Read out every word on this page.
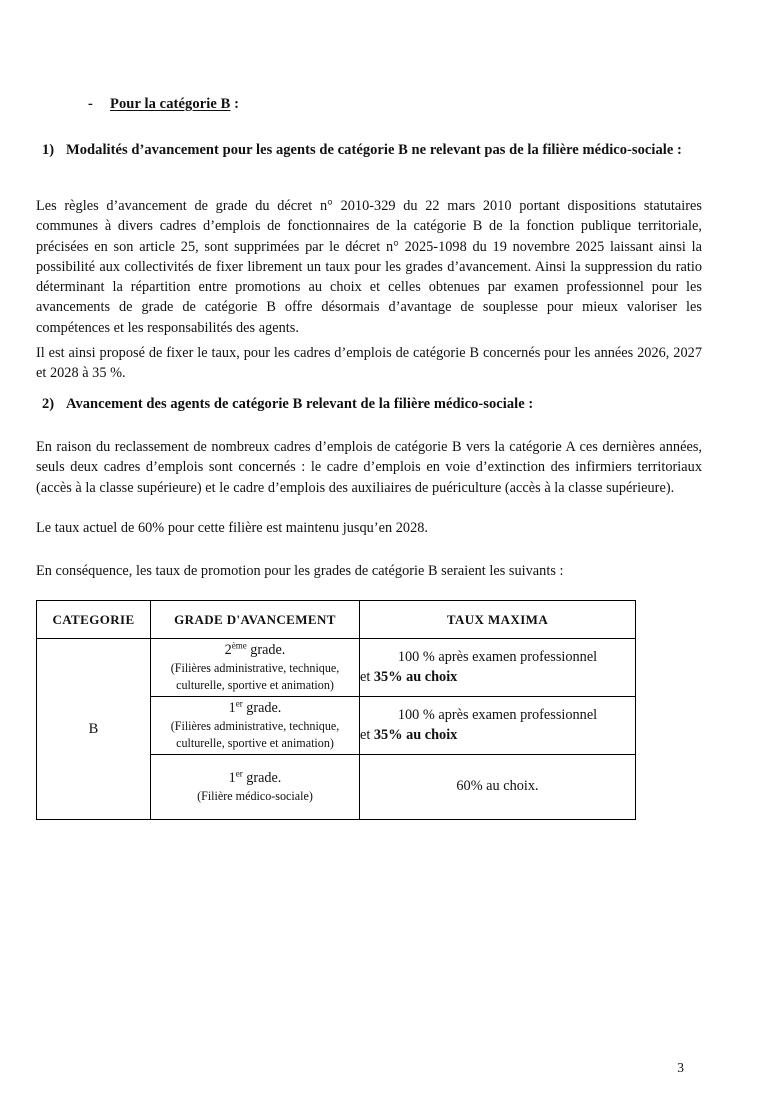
- Pour la catégorie B :
1) Modalités d’avancement pour les agents de catégorie B ne relevant pas de la filière médico-sociale :
Les règles d’avancement de grade du décret n° 2010-329 du 22 mars 2010 portant dispositions statutaires communes à divers cadres d’emplois de fonctionnaires de la catégorie B de la fonction publique territoriale, précisées en son article 25, sont supprimées par le décret n° 2025-1098 du 19 novembre 2025 laissant ainsi la possibilité aux collectivités de fixer librement un taux pour les grades d’avancement. Ainsi la suppression du ratio déterminant la répartition entre promotions au choix et celles obtenues par examen professionnel pour les avancements de grade de catégorie B offre désormais d’avantage de souplesse pour mieux valoriser les compétences et les responsabilités des agents.
Il est ainsi proposé de fixer le taux, pour les cadres d’emplois de catégorie B concernés pour les années 2026, 2027 et 2028 à 35 %.
2) Avancement des agents de catégorie B relevant de la filière médico-sociale :
En raison du reclassement de nombreux cadres d’emplois de catégorie B vers la catégorie A ces dernières années, seuls deux cadres d’emplois sont concernés : le cadre d’emplois en voie d’extinction des infirmiers territoriaux (accès à la classe supérieure) et le cadre d’emplois des auxiliaires de puériculture (accès à la classe supérieure).
Le taux actuel de 60% pour cette filière est maintenu jusqu’en 2028.
En conséquence, les taux de promotion pour les grades de catégorie B seraient les suivants :
CATEGORIE	GRADE D'AVANCEMENT	TAUX MAXIMA
B	2ème grade.
(Filières administrative, technique,
culturelle, sportive et animation)	100 % après examen professionnel
et 35% au choix

	1er grade.
(Filières administrative, technique,
culturelle, sportive et animation)	100 % après examen professionnel
et 35% au choix

	1er grade.
(Filière médico-sociale)	60% au choix.
3
